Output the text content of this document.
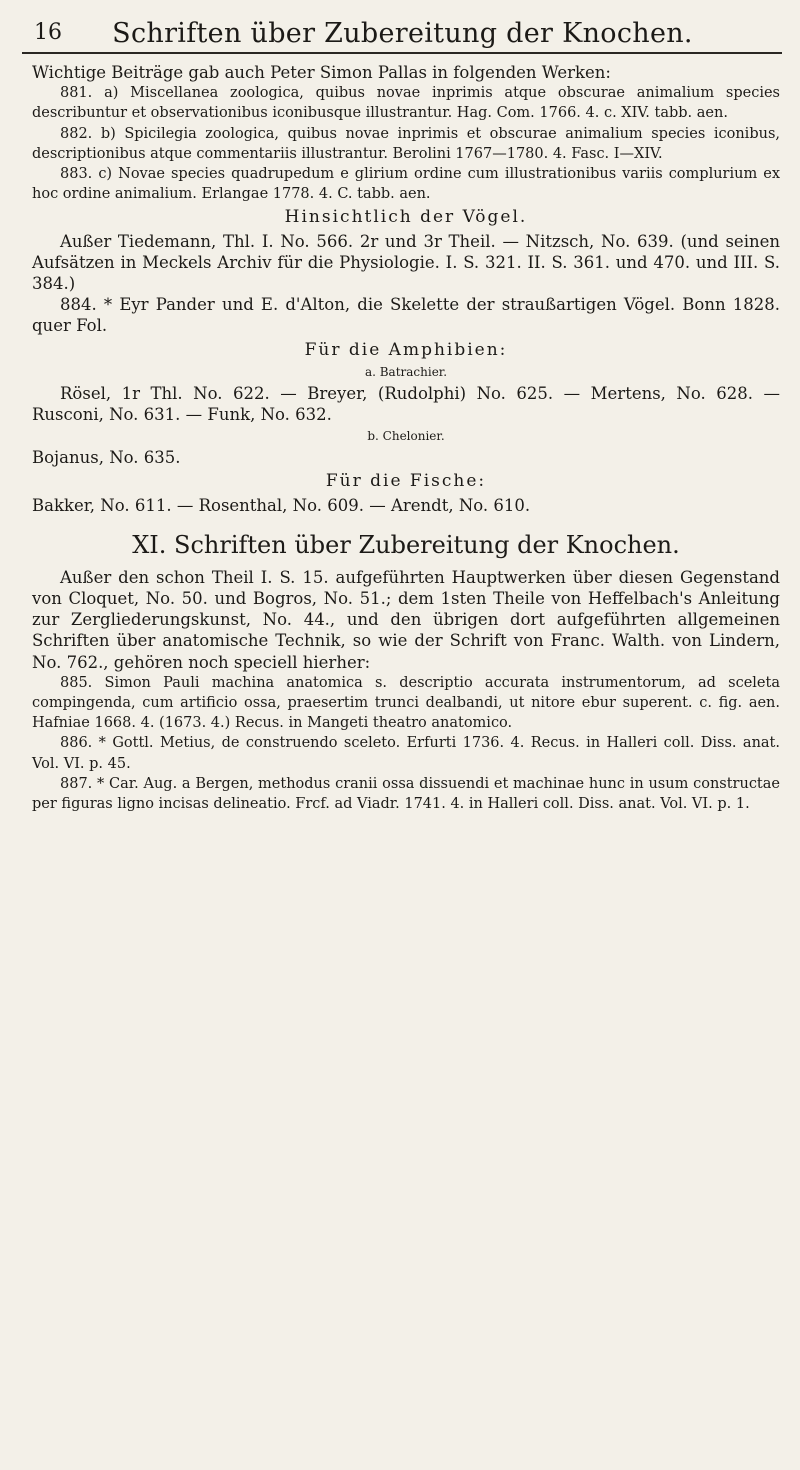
16	Schriften über Zubereitung der Knochen.

Wichtige Beiträge gab auch Peter Simon Pallas in folgenden Werken:

881. a) Miscellanea zoologica, quibus novae inprimis atque obscurae animalium species describuntur et observationibus iconibusque illustrantur. Hag. Com. 1766. 4. c. XIV. tabb. aen.

882. b) Spicilegia zoologica, quibus novae inprimis et obscurae animalium species iconibus, descriptionibus atque commentariis illustrantur. Berolini 1767—1780. 4. Fasc. I—XIV.

883. c) Novae species quadrupedum e glirium ordine cum illustrationibus variis complurium ex hoc ordine animalium. Erlangae 1778. 4. C. tabb. aen.

Hinsichtlich der Vögel.

Außer Tiedemann, Thl. I. No. 566. 2r und 3r Theil. — Nitzsch, No. 639. (und seinen Aufsätzen in Meckels Archiv für die Physiologie. I. S. 321. II. S. 361. und 470. und III. S. 384.)

884. * Eyr Pander und E. d'Alton, die Skelette der straußartigen Vögel. Bonn 1828. quer Fol.

Für die Amphibien:
a. Batrachier.

Rösel, 1r Thl. No. 622. — Breyer, (Rudolphi) No. 625. — Mertens, No. 628. — Rusconi, No. 631. — Funk, No. 632.

b. Chelonier.

Bojanus, No. 635.

Für die Fische:

Bakker, No. 611. — Rosenthal, No. 609. — Arendt, No. 610.

XI. Schriften über Zubereitung der Knochen.

Außer den schon Theil I. S. 15. aufgeführten Hauptwerken über diesen Gegenstand von Cloquet, No. 50. und Bogros, No. 51.; dem 1sten Theile von Heffelbach's Anleitung zur Zergliederungskunst, No. 44., und den übrigen dort aufgeführten allgemeinen Schriften über anatomische Technik, so wie der Schrift von Franc. Walth. von Lindern, No. 762., gehören noch speciell hierher:

885. Simon Pauli machina anatomica s. descriptio accurata instrumentorum, ad sceleta compingenda, cum artificio ossa, praesertim trunci dealbandi, ut nitore ebur superent. c. fig. aen. Hafniae 1668. 4. (1673. 4.) Recus. in Mangeti theatro anatomico.

886. * Gottl. Metius, de construendo sceleto. Erfurti 1736. 4. Recus. in Halleri coll. Diss. anat. Vol. VI. p. 45.

887. * Car. Aug. a Bergen, methodus cranii ossa dissuendi et machinae hunc in usum constructae per figuras ligno incisas delineatio. Frcf. ad Viadr. 1741. 4. in Halleri coll. Diss. anat. Vol. VI. p. 1.
